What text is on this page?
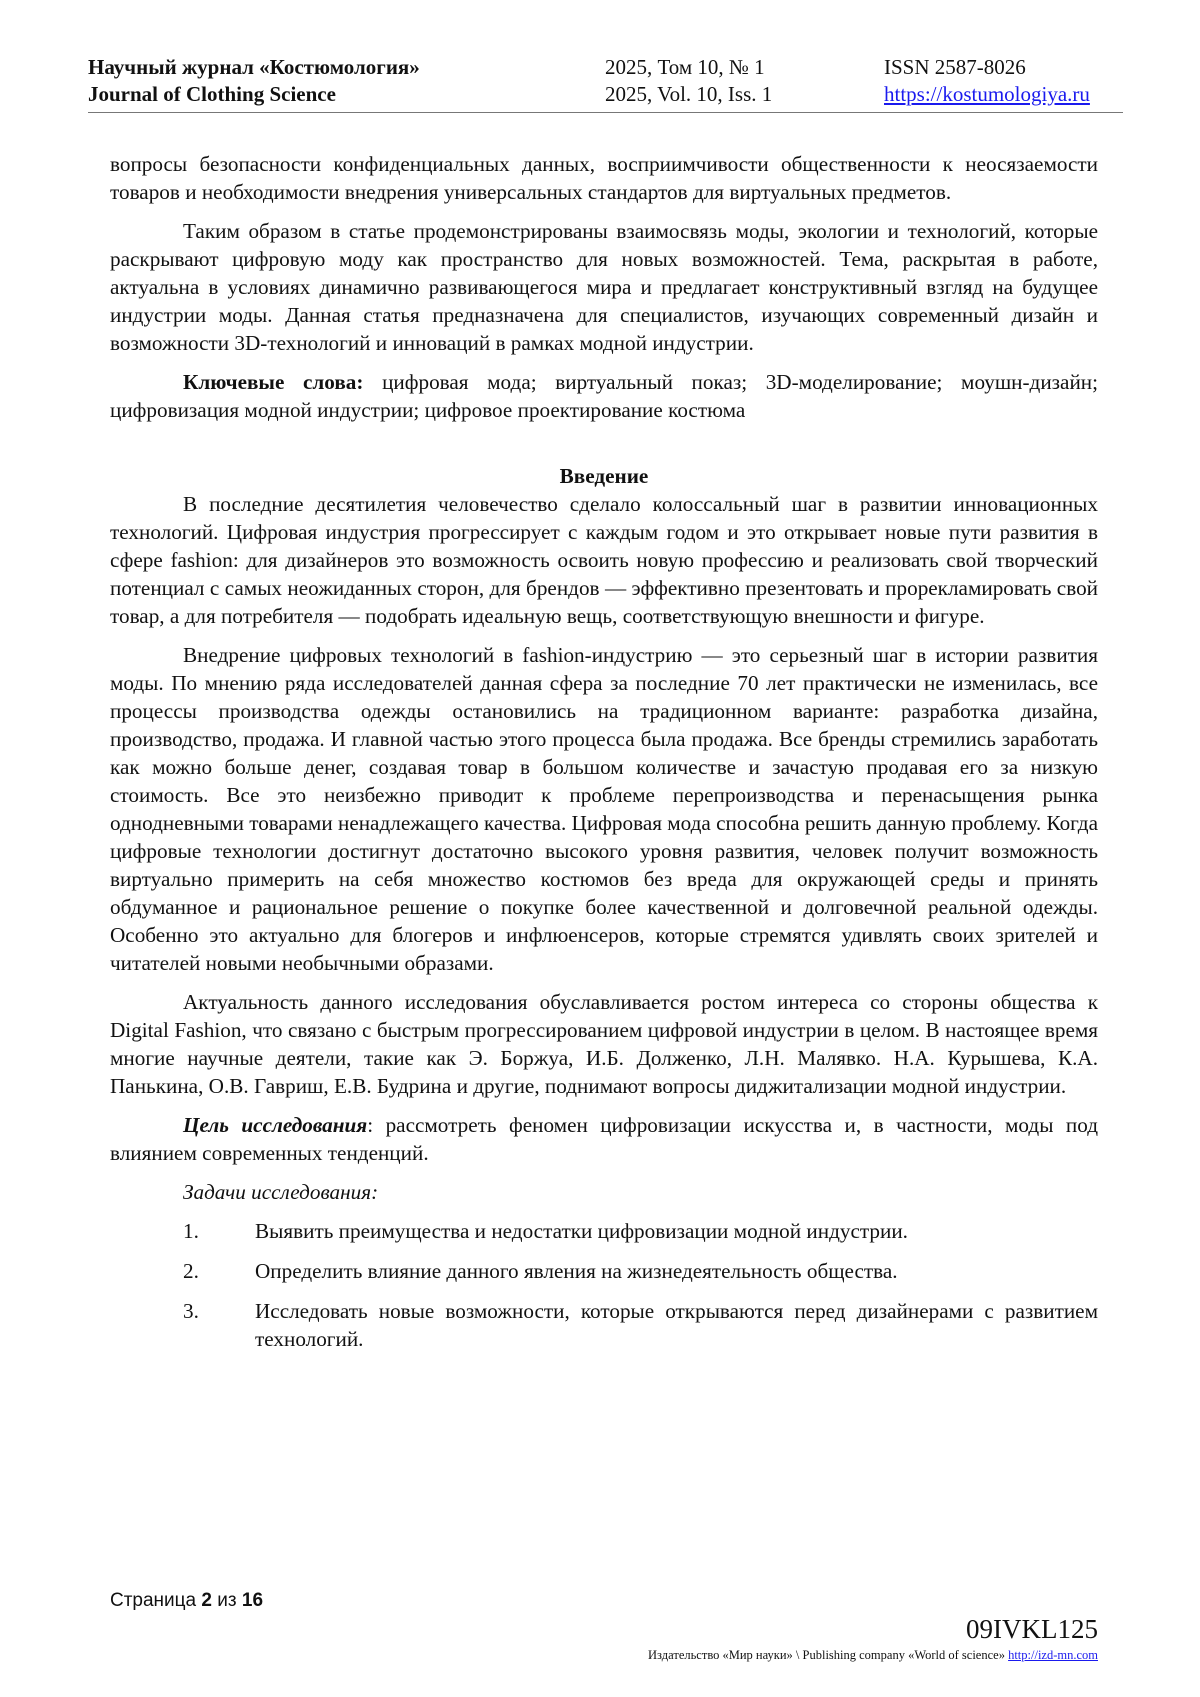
Научный журнал «Костюмология»
Journal of Clothing Science
2025, Том 10, № 1
2025, Vol. 10, Iss. 1
ISSN 2587-8026
https://kostumologiya.ru

вопросы безопасности конфиденциальных данных, восприимчивости общественности к неосязаемости товаров и необходимости внедрения универсальных стандартов для виртуальных предметов.

Таким образом в статье продемонстрированы взаимосвязь моды, экологии и технологий, которые раскрывают цифровую моду как пространство для новых возможностей. Тема, раскрытая в работе, актуальна в условиях динамично развивающегося мира и предлагает конструктивный взгляд на будущее индустрии моды. Данная статья предназначена для специалистов, изучающих современный дизайн и возможности 3D-технологий и инноваций в рамках модной индустрии.

Ключевые слова: цифровая мода; виртуальный показ; 3D-моделирование; моушн-дизайн; цифровизация модной индустрии; цифровое проектирование костюма

Введение

В последние десятилетия человечество сделало колоссальный шаг в развитии инновационных технологий. Цифровая индустрия прогрессирует с каждым годом и это открывает новые пути развития в сфере fashion: для дизайнеров это возможность освоить новую профессию и реализовать свой творческий потенциал с самых неожиданных сторон, для брендов — эффективно презентовать и прорекламировать свой товар, а для потребителя — подобрать идеальную вещь, соответствующую внешности и фигуре.

Внедрение цифровых технологий в fashion-индустрию — это серьезный шаг в истории развития моды. По мнению ряда исследователей данная сфера за последние 70 лет практически не изменилась, все процессы производства одежды остановились на традиционном варианте: разработка дизайна, производство, продажа. И главной частью этого процесса была продажа. Все бренды стремились заработать как можно больше денег, создавая товар в большом количестве и зачастую продавая его за низкую стоимость. Все это неизбежно приводит к проблеме перепроизводства и перенасыщения рынка однодневными товарами ненадлежащего качества. Цифровая мода способна решить данную проблему. Когда цифровые технологии достигнут достаточно высокого уровня развития, человек получит возможность виртуально примерить на себя множество костюмов без вреда для окружающей среды и принять обдуманное и рациональное решение о покупке более качественной и долговечной реальной одежды. Особенно это актуально для блогеров и инфлюенсеров, которые стремятся удивлять своих зрителей и читателей новыми необычными образами.

Актуальность данного исследования обуславливается ростом интереса со стороны общества к Digital Fashion, что связано с быстрым прогрессированием цифровой индустрии в целом. В настоящее время многие научные деятели, такие как Э. Боржуа, И.Б. Долженко, Л.Н. Малявко. Н.А. Курышева, К.А. Панькина, О.В. Гавриш, Е.В. Будрина и другие, поднимают вопросы диджитализации модной индустрии.

Цель исследования: рассмотреть феномен цифровизации искусства и, в частности, моды под влиянием современных тенденций.

Задачи исследования:

1.	Выявить преимущества и недостатки цифровизации модной индустрии.
2.	Определить влияние данного явления на жизнедеятельность общества.
3.	Исследовать новые возможности, которые открываются перед дизайнерами с развитием технологий.
Страница 2 из 16
09IVKL125
Издательство «Мир науки» \ Publishing company «World of science» http://izd-mn.com
